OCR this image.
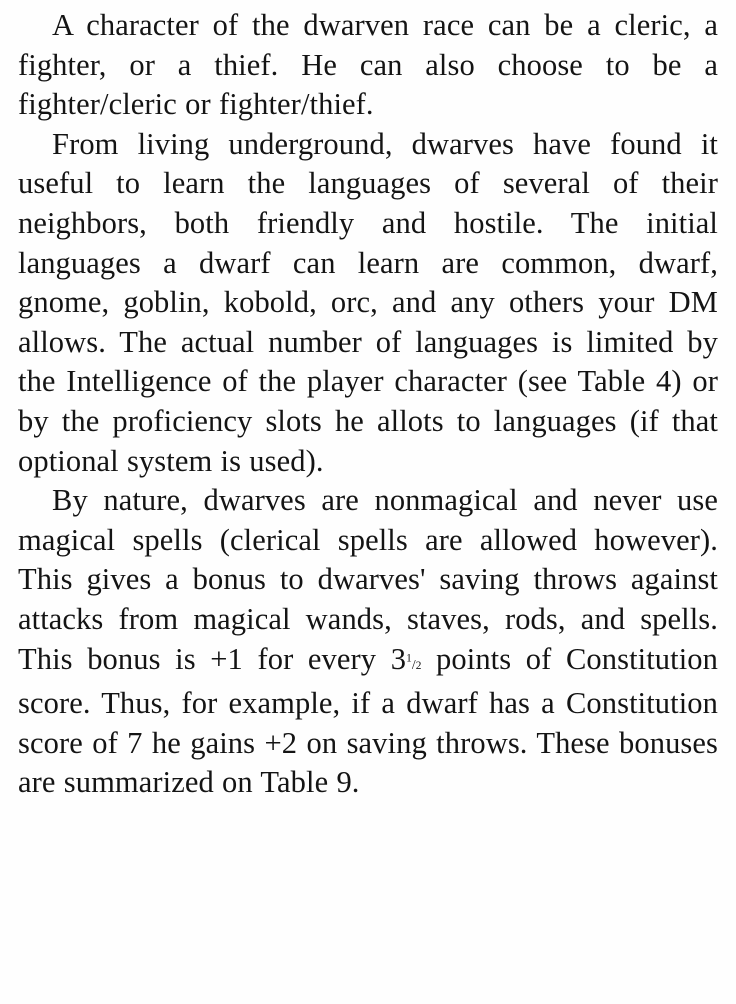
A character of the dwarven race can be a cleric, a fighter, or a thief. He can also choose to be a fighter/cleric or fighter/thief.

From living underground, dwarves have found it useful to learn the languages of several of their neighbors, both friendly and hostile. The initial languages a dwarf can learn are common, dwarf, gnome, goblin, kobold, orc, and any others your DM allows. The actual number of languages is limited by the Intelligence of the player character (see Table 4) or by the proficiency slots he allots to languages (if that optional system is used).

By nature, dwarves are nonmagical and never use magical spells (clerical spells are allowed however). This gives a bonus to dwarves' saving throws against attacks from magical wands, staves, rods, and spells. This bonus is +1 for every $3^1/2$ points of Constitution score. Thus, for example, if a dwarf has a Constitution score of 7 he gains +2 on saving throws. These bonuses are summarized on Table 9.
